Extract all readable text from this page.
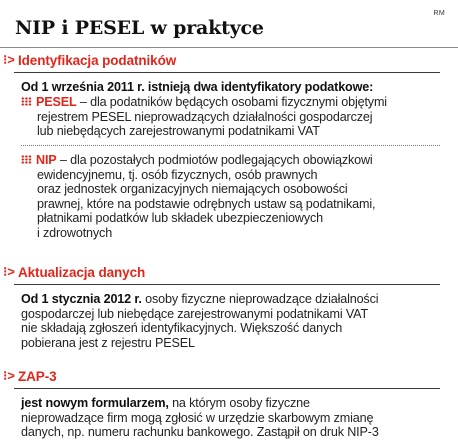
RM
NIP i PESEL w praktyce
⁝> Identyfikacja podatników
Od 1 września 2011 r. istnieją dwa identyfikatory podatkowe:
PESEL – dla podatników będących osobami fizycznymi objętymi
rejestrem PESEL nieprowadzących działalności gospodarczej
lub niebędących zarejestrowanymi podatnikami VAT
NIP – dla pozostałych podmiotów podlegających obowiązkowi
ewidencyjnemu, tj. osób fizycznych, osób prawnych
oraz jednostek organizacyjnych niemających osobowości
prawnej, które na podstawie odrębnych ustaw są podatnikami,
płatnikami podatków lub składek ubezpieczeniowych
i zdrowotnych
⁝> Aktualizacja danych
Od 1 stycznia 2012 r. osoby fizyczne nieprowadzące działalności
gospodarczej lub niebędące zarejestrowanymi podatnikami VAT
nie składają zgłoszeń identyfikacyjnych. Większość danych
pobierana jest z rejestru PESEL
⁝> ZAP-3
jest nowym formularzem, na którym osoby fizyczne
nieprowadzące firm mogą zgłosić w urzędzie skarbowym zmianę
danych, np. numeru rachunku bankowego. Zastąpił on druk NIP-3
